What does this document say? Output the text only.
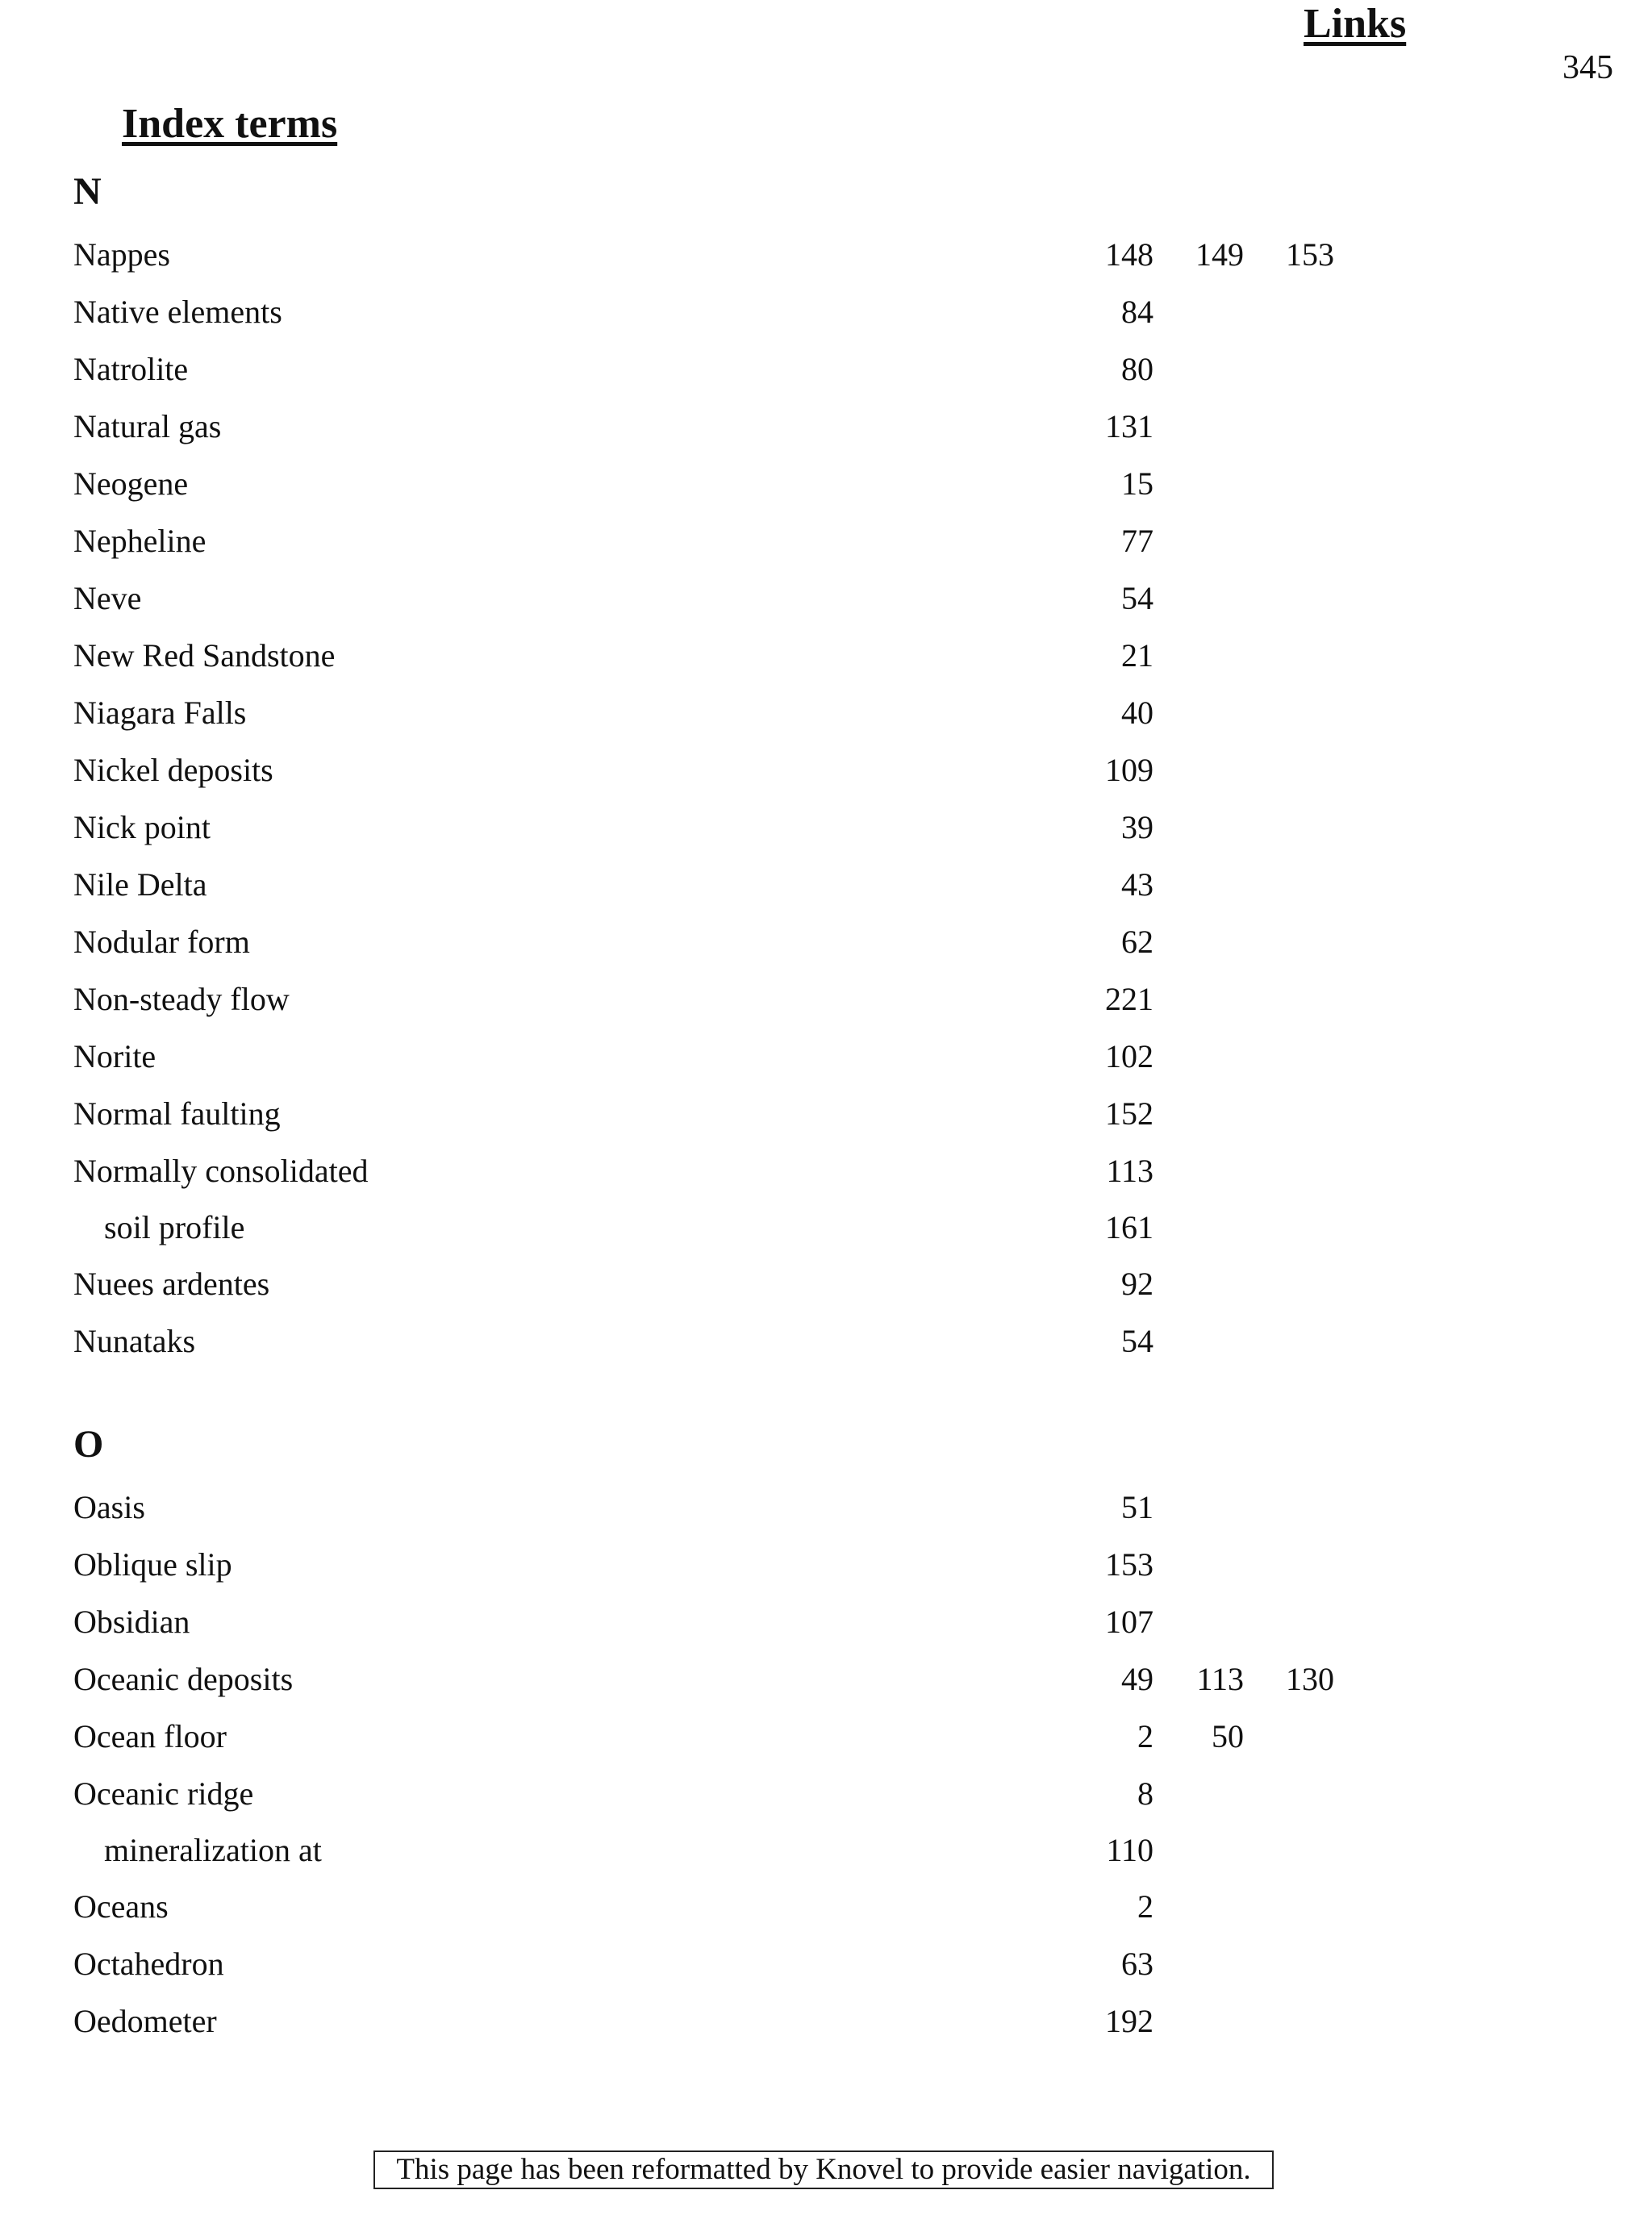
345
Index terms
Links
N
Nappes	148	149	153
Native elements	84
Natrolite	80
Natural gas	131
Neogene	15
Nepheline	77
Neve	54
New Red Sandstone	21
Niagara Falls	40
Nickel deposits	109
Nick point	39
Nile Delta	43
Nodular form	62
Non-steady flow	221
Norite	102
Normal faulting	152
Normally consolidated	113
soil profile	161
Nuees ardentes	92
Nunataks	54
O
Oasis	51
Oblique slip	153
Obsidian	107
Oceanic deposits	49	113	130
Ocean floor	2	50
Oceanic ridge	8
mineralization at	110
Oceans	2
Octahedron	63
Oedometer	192
This page has been reformatted by Knovel to provide easier navigation.
